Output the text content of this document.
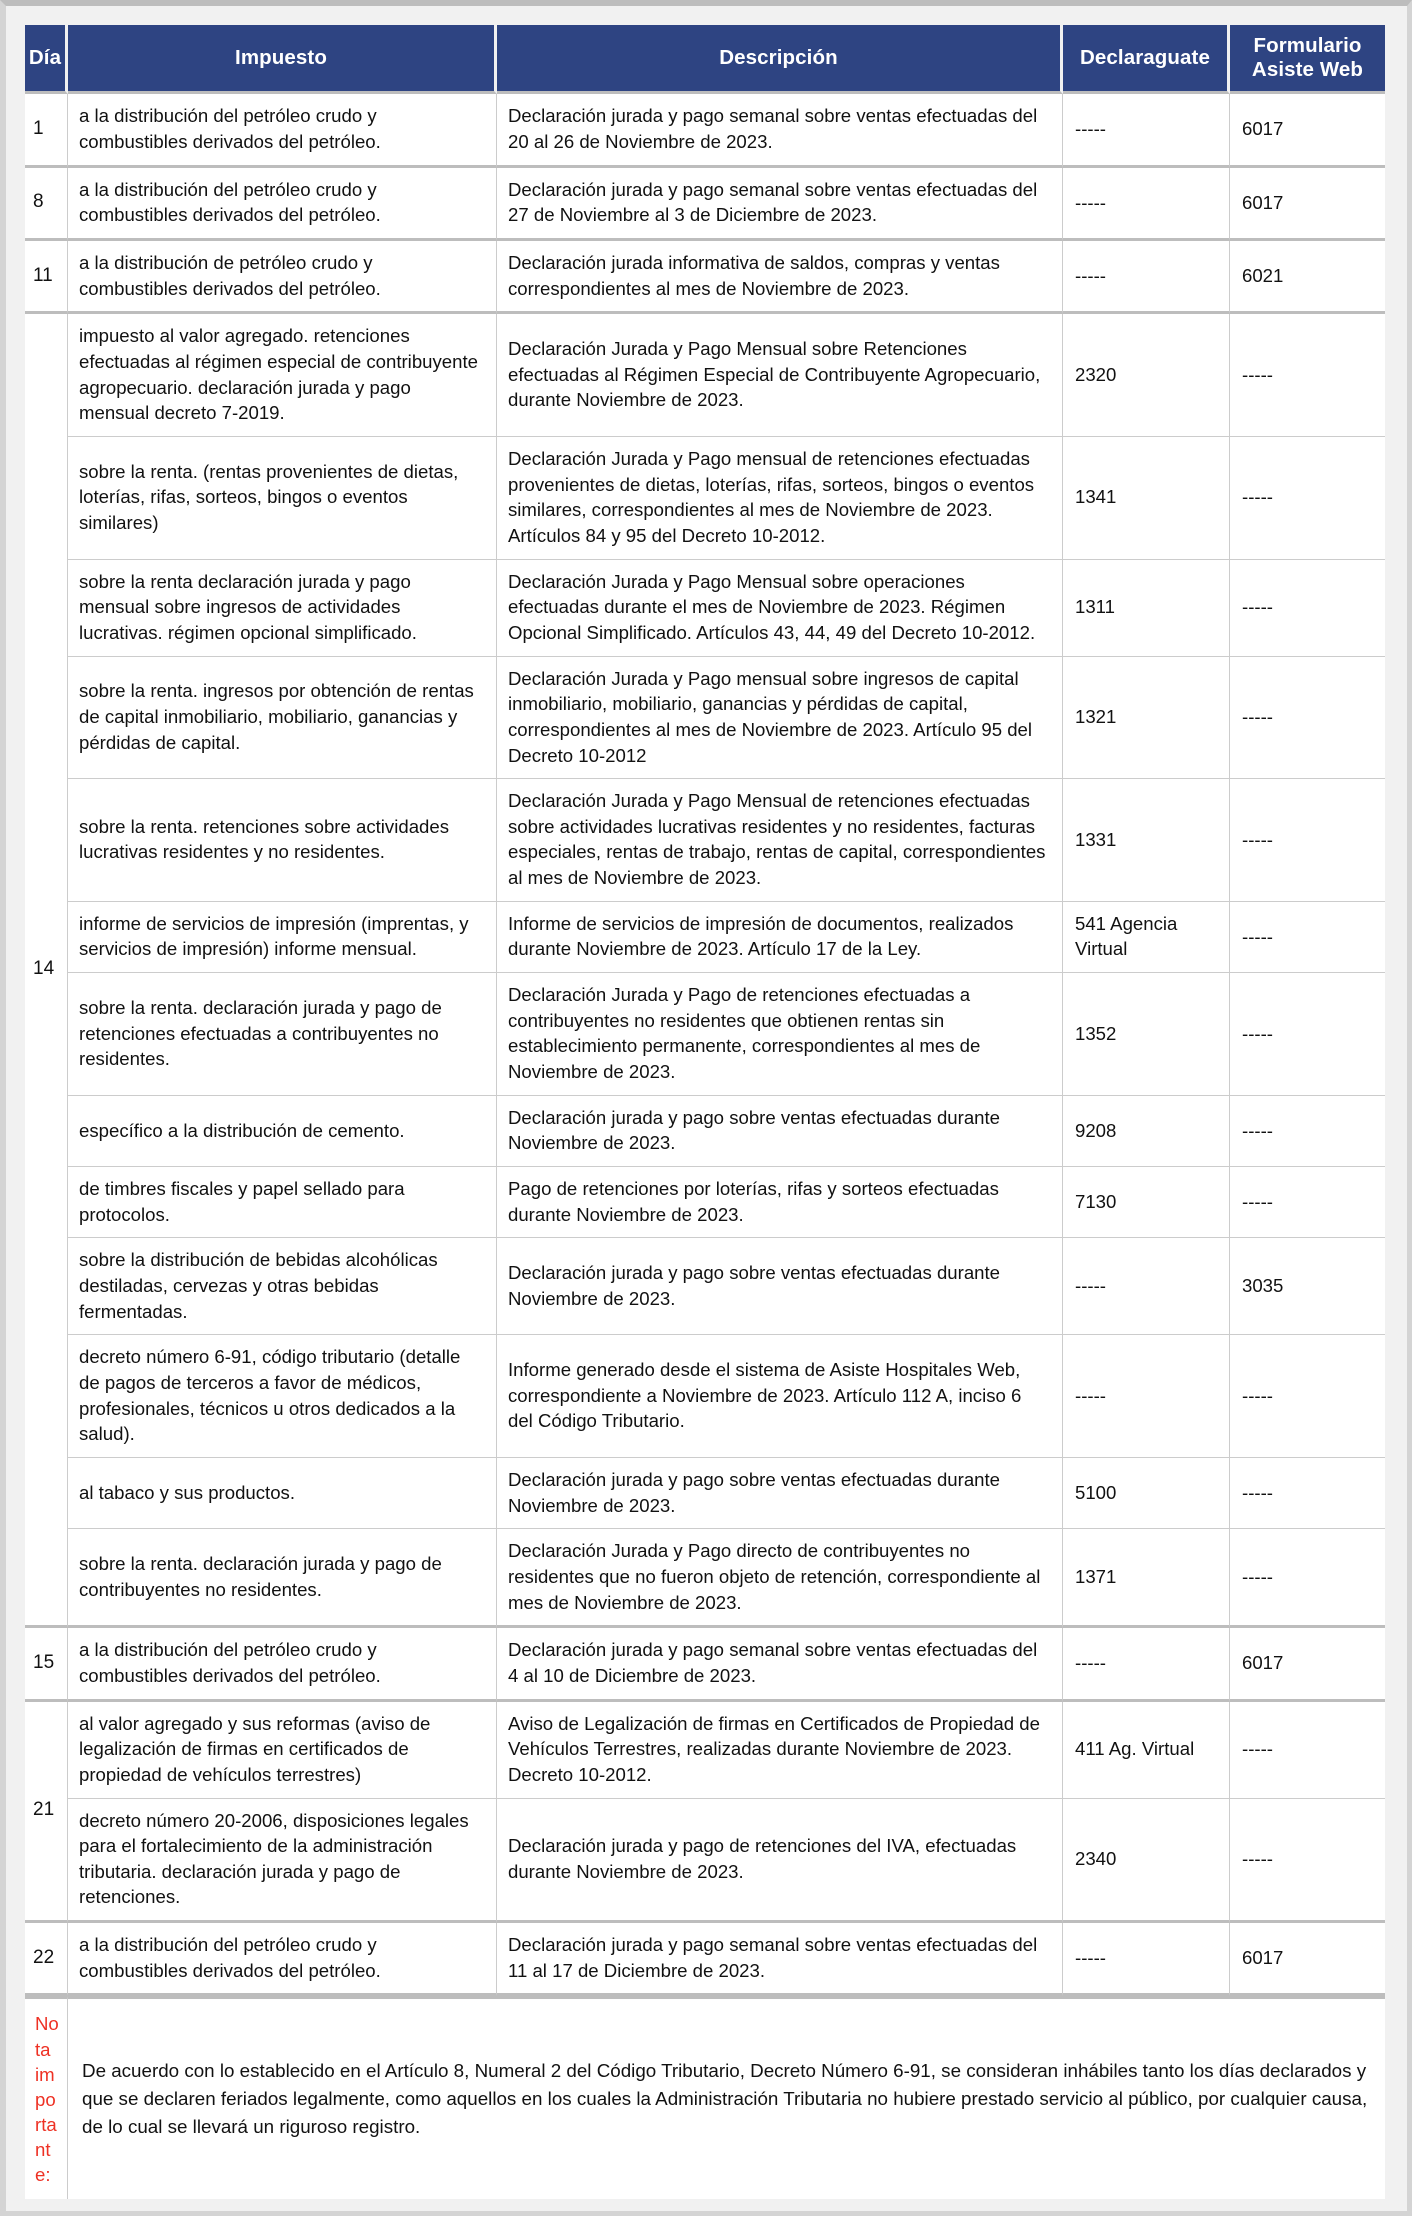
Día	Impuesto	Descripción	Declaraguate	Formulario Asiste Web
1	a la distribución del petróleo crudo y combustibles derivados del petróleo.	Declaración jurada y pago semanal sobre ventas efectuadas del 20 al 26 de Noviembre de 2023.	-----	6017
8	a la distribución del petróleo crudo y combustibles derivados del petróleo.	Declaración jurada y pago semanal sobre ventas efectuadas del 27 de Noviembre al 3 de Diciembre de 2023.	-----	6017
11	a la distribución de petróleo crudo y combustibles derivados del petróleo.	Declaración jurada informativa de saldos, compras y ventas correspondientes al mes de Noviembre de 2023.	-----	6021
14	impuesto al valor agregado. retenciones efectuadas al régimen especial de contribuyente agropecuario. declaración jurada y pago mensual decreto 7-2019.	Declaración Jurada y Pago Mensual sobre Retenciones efectuadas al Régimen Especial de Contribuyente Agropecuario, durante Noviembre de 2023.	2320	-----
	sobre la renta. (rentas provenientes de dietas, loterías, rifas, sorteos, bingos o eventos similares)	Declaración Jurada y Pago mensual de retenciones efectuadas provenientes de dietas, loterías, rifas, sorteos, bingos o eventos similares, correspondientes al mes de Noviembre de 2023. Artículos 84 y 95 del Decreto 10-2012.	1341	-----
	sobre la renta declaración jurada y pago mensual sobre ingresos de actividades lucrativas. régimen opcional simplificado.	Declaración Jurada y Pago Mensual sobre operaciones efectuadas durante el mes de Noviembre de 2023. Régimen Opcional Simplificado. Artículos 43, 44, 49 del Decreto 10-2012.	1311	-----
	sobre la renta. ingresos por obtención de rentas de capital inmobiliario, mobiliario, ganancias y pérdidas de capital.	Declaración Jurada y Pago mensual sobre ingresos de capital inmobiliario, mobiliario, ganancias y pérdidas de capital, correspondientes al mes de Noviembre de 2023. Artículo 95 del Decreto 10-2012	1321	-----
	sobre la renta. retenciones sobre actividades lucrativas residentes y no residentes.	Declaración Jurada y Pago Mensual de retenciones efectuadas sobre actividades lucrativas residentes y no residentes, facturas especiales, rentas de trabajo, rentas de capital, correspondientes al mes de Noviembre de 2023.	1331	-----
	informe de servicios de impresión (imprentas, y servicios de impresión) informe mensual.	Informe de servicios de impresión de documentos, realizados durante Noviembre de 2023. Artículo 17 de la Ley.	541 Agencia Virtual	-----
	sobre la renta. declaración jurada y pago de retenciones efectuadas a contribuyentes no residentes.	Declaración Jurada y Pago de retenciones efectuadas a contribuyentes no residentes que obtienen rentas sin establecimiento permanente, correspondientes al mes de Noviembre de 2023.	1352	-----
	específico a la distribución de cemento.	Declaración jurada y pago sobre ventas efectuadas durante Noviembre de 2023.	9208	-----
	de timbres fiscales y papel sellado para protocolos.	Pago de retenciones por loterías, rifas y sorteos efectuadas durante Noviembre de 2023.	7130	-----
	sobre la distribución de bebidas alcohólicas destiladas, cervezas y otras bebidas fermentadas.	Declaración jurada y pago sobre ventas efectuadas durante Noviembre de 2023.	-----	3035
	decreto número 6-91, código tributario (detalle de pagos de terceros a favor de médicos, profesionales, técnicos u otros dedicados a la salud).	Informe generado desde el sistema de Asiste Hospitales Web, correspondiente a Noviembre de 2023. Artículo 112 A, inciso 6 del Código Tributario.	-----	-----
	al tabaco y sus productos.	Declaración jurada y pago sobre ventas efectuadas durante Noviembre de 2023.	5100	-----
	sobre la renta. declaración jurada y pago de contribuyentes no residentes.	Declaración Jurada y Pago directo de contribuyentes no residentes que no fueron objeto de retención, correspondiente al mes de Noviembre de 2023.	1371	-----
15	a la distribución del petróleo crudo y combustibles derivados del petróleo.	Declaración jurada y pago semanal sobre ventas efectuadas del 4 al 10 de Diciembre de 2023.	-----	6017
21	al valor agregado y sus reformas (aviso de legalización de firmas en certificados de propiedad de vehículos terrestres)	Aviso de Legalización de firmas en Certificados de Propiedad de Vehículos Terrestres, realizadas durante Noviembre de 2023. Decreto 10-2012.	411 Ag. Virtual	-----
	decreto número 20-2006, disposiciones legales para el fortalecimiento de la administración tributaria. declaración jurada y pago de retenciones.	Declaración jurada y pago de retenciones del IVA, efectuadas durante Noviembre de 2023.	2340	-----
22	a la distribución del petróleo crudo y combustibles derivados del petróleo.	Declaración jurada y pago semanal sobre ventas efectuadas del 11 al 17 de Diciembre de 2023.	-----	6017
Nota importante:	De acuerdo con lo establecido en el Artículo 8, Numeral 2 del Código Tributario, Decreto Número 6-91, se consideran inhábiles tanto los días declarados y que se declaren feriados legalmente, como aquellos en los cuales la Administración Tributaria no hubiere prestado servicio al público, por cualquier causa, de lo cual se llevará un riguroso registro.			
